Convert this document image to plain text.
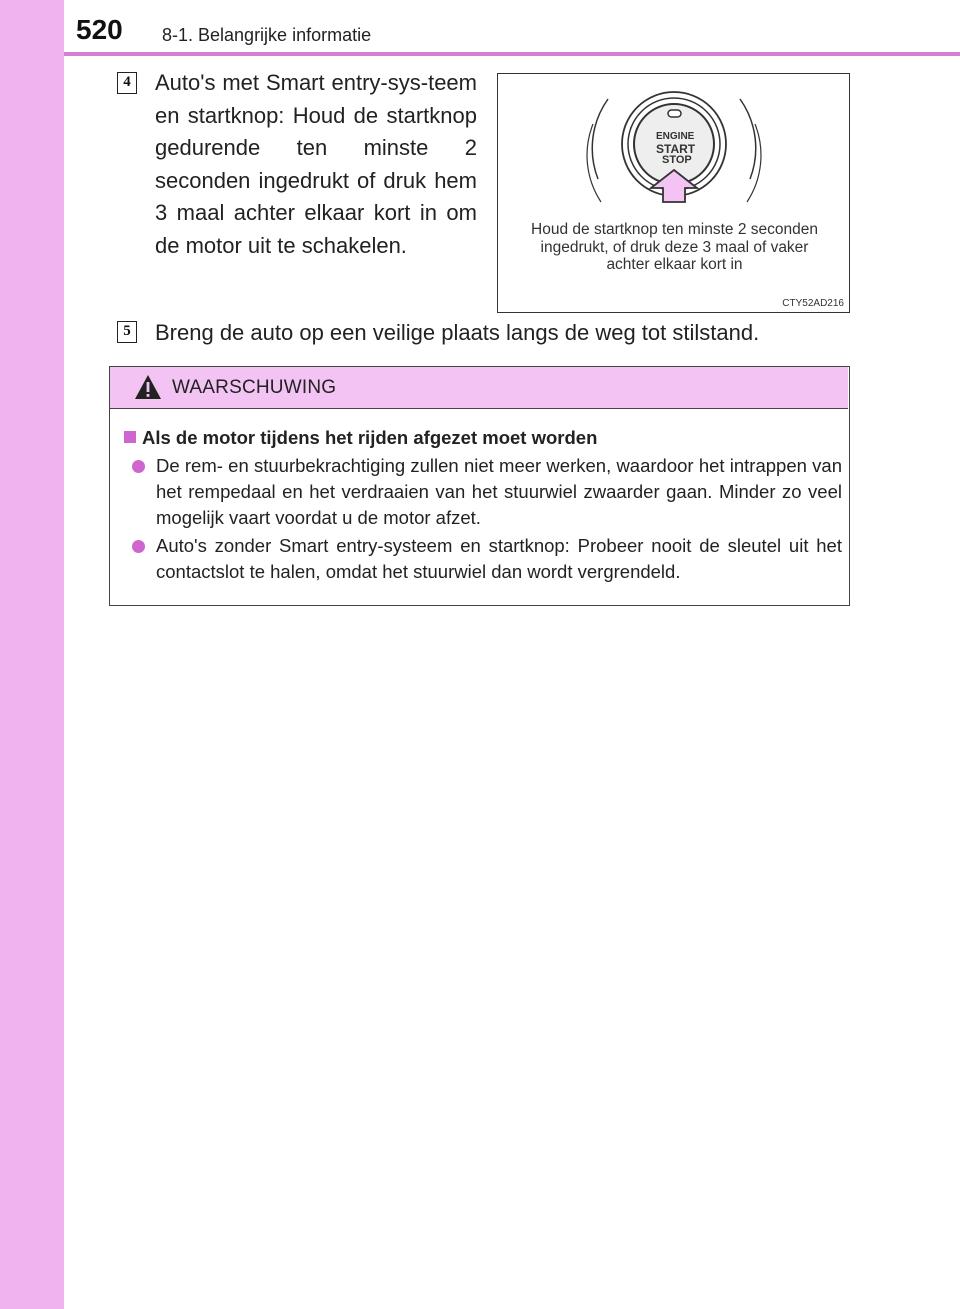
520 8-1. Belangrijke informatie
4 Auto's met Smart entry-sys-teem en startknop: Houd de startknop gedurende ten minste 2 seconden ingedrukt of druk hem 3 maal achter elkaar kort in om de motor uit te schakelen.
ENGINE
START
STOP
Houd de startknop ten minste 2 seconden ingedrukt, of druk deze 3 maal of vaker achter elkaar kort in
CTY52AD216
5 Breng de auto op een veilige plaats langs de weg tot stilstand.
WAARSCHUWING
Als de motor tijdens het rijden afgezet moet worden
De rem- en stuurbekrachtiging zullen niet meer werken, waardoor het intrappen van het rempedaal en het verdraaien van het stuurwiel zwaarder gaan. Minder zo veel mogelijk vaart voordat u de motor afzet.
Auto's zonder Smart entry-systeem en startknop: Probeer nooit de sleutel uit het contactslot te halen, omdat het stuurwiel dan wordt vergrendeld.
